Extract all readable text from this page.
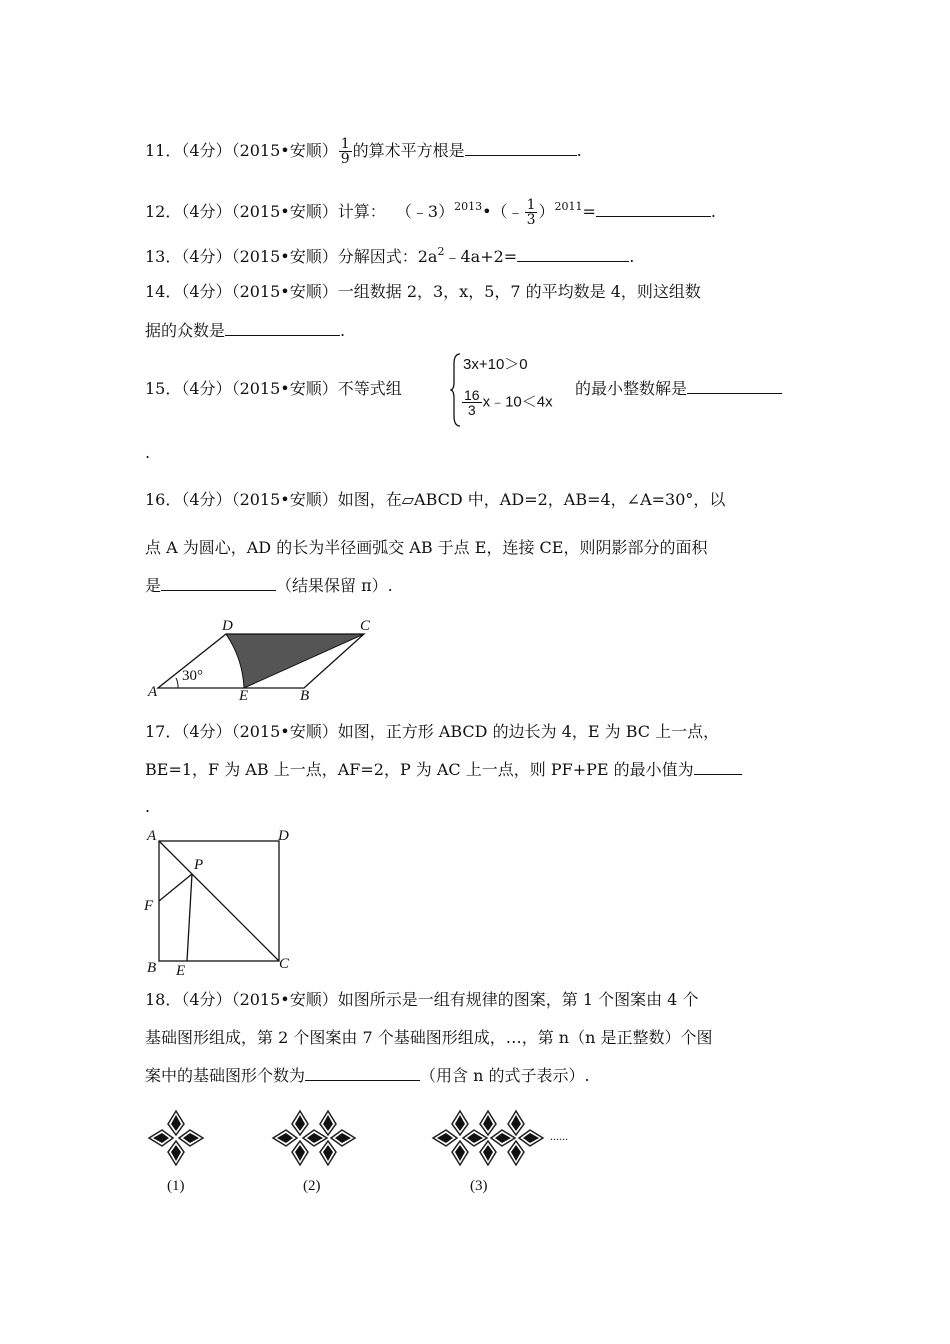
11．（4分）（2015•安顺） $\frac{1}{9}$ 的算术平方根是	.
12．（4分）（2015•安顺）计算： （﹣3）$^{2013}$•（﹣ $\frac{1}{3} )^{2011}=$	.
13．（4分）（2015•安顺）分解因式：$2a^2﹣4a+2=$	.
14．（4分）（2015•安顺）一组数据 2，3，x，5，7 的平均数是 4，则这组数
据的众数是	.
15．（4分）（2015•安顺）不等式组
3x+10＞0
$\frac{16}{3}$ x﹣10＜4x
的最小整数解是
.
16．（4分）（2015•安顺）如图，在▱ABCD 中，AD=2，AB=4，∠A=30°，以
点 A 为圆心，AD 的长为半径画弧交 AB 于点 E，连接 CE，则阴影部分的面积
是	（结果保留 π）.
A	B
C
D
E
30°
17．（4分）（2015•安顺）如图，正方形 ABCD 的边长为 4，E 为 BC 上一点，
BE=1，F 为 AB 上一点，AF=2，P 为 AC 上一点，则 PF+PE 的最小值为
.
A	D
B	C
E
F
P
18．（4分）（2015•安顺）如图所示是一组有规律的图案，第 1 个图案由 4 个
基础图形组成，第 2 个图案由 7 个基础图形组成，…，第 n（n 是正整数）个图
案中的基础图形个数为	（用含 n 的式子表示）.
(1)	(2)	(3)
......
